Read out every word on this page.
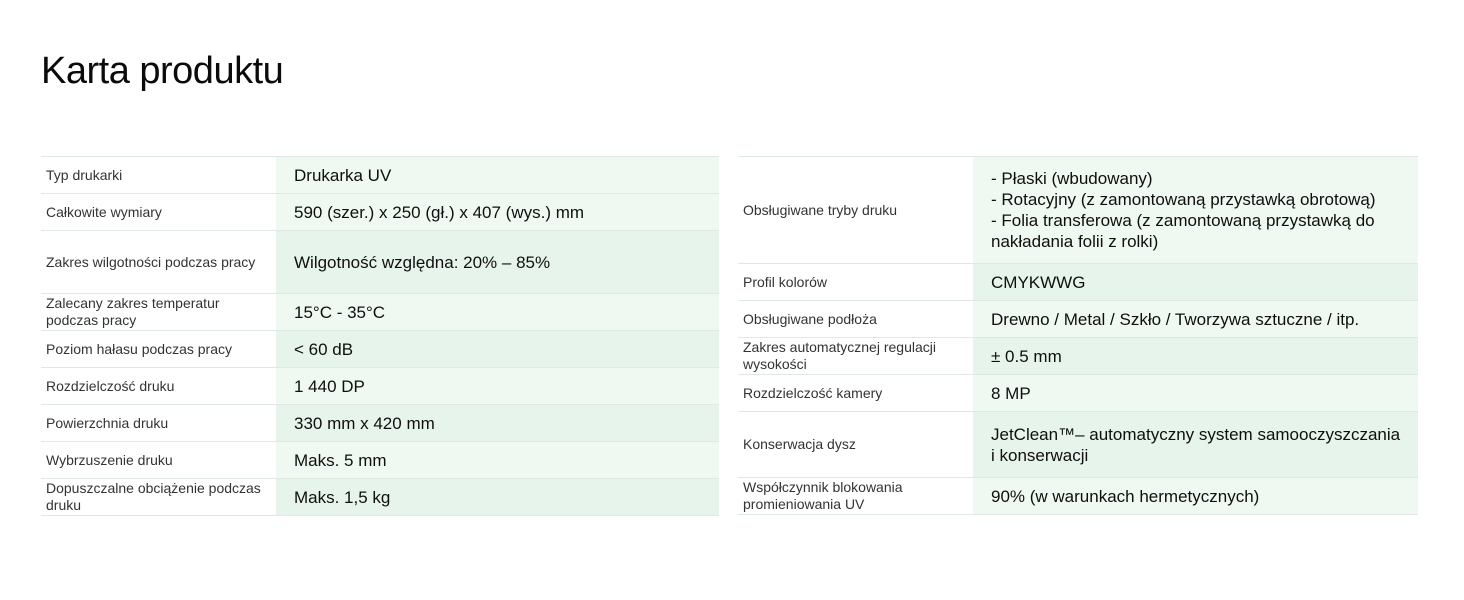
Karta produktu
Typ drukarki	Drukarka UV
Całkowite wymiary	590 (szer.) x 250 (gł.) x 407 (wys.) mm
Zakres wilgotności podczas pracy	Wilgotność względna: 20% – 85%
Zalecany zakres temperatur podczas pracy	15°C - 35°C
Poziom hałasu podczas pracy	< 60 dB
Rozdzielczość druku	1 440 DP
Powierzchnia druku	330 mm x 420 mm
Wybrzuszenie druku	Maks. 5 mm
Dopuszczalne obciążenie podczas druku	Maks. 1,5 kg
Obsługiwane tryby druku	- Płaski (wbudowany)
- Rotacyjny (z zamontowaną przystawką obrotową)
- Folia transferowa (z zamontowaną przystawką do nakładania folii z rolki)

Profil kolorów	CMYKWWG
Obsługiwane podłoża	Drewno / Metal / Szkło / Tworzywa sztuczne / itp.
Zakres automatycznej regulacji wysokości	± 0.5 mm
Rozdzielczość kamery	8 MP
Konserwacja dysz	JetClean™– automatyczny system samooczyszczania i konserwacji
Współczynnik blokowania promieniowania UV	90% (w warunkach hermetycznych)
